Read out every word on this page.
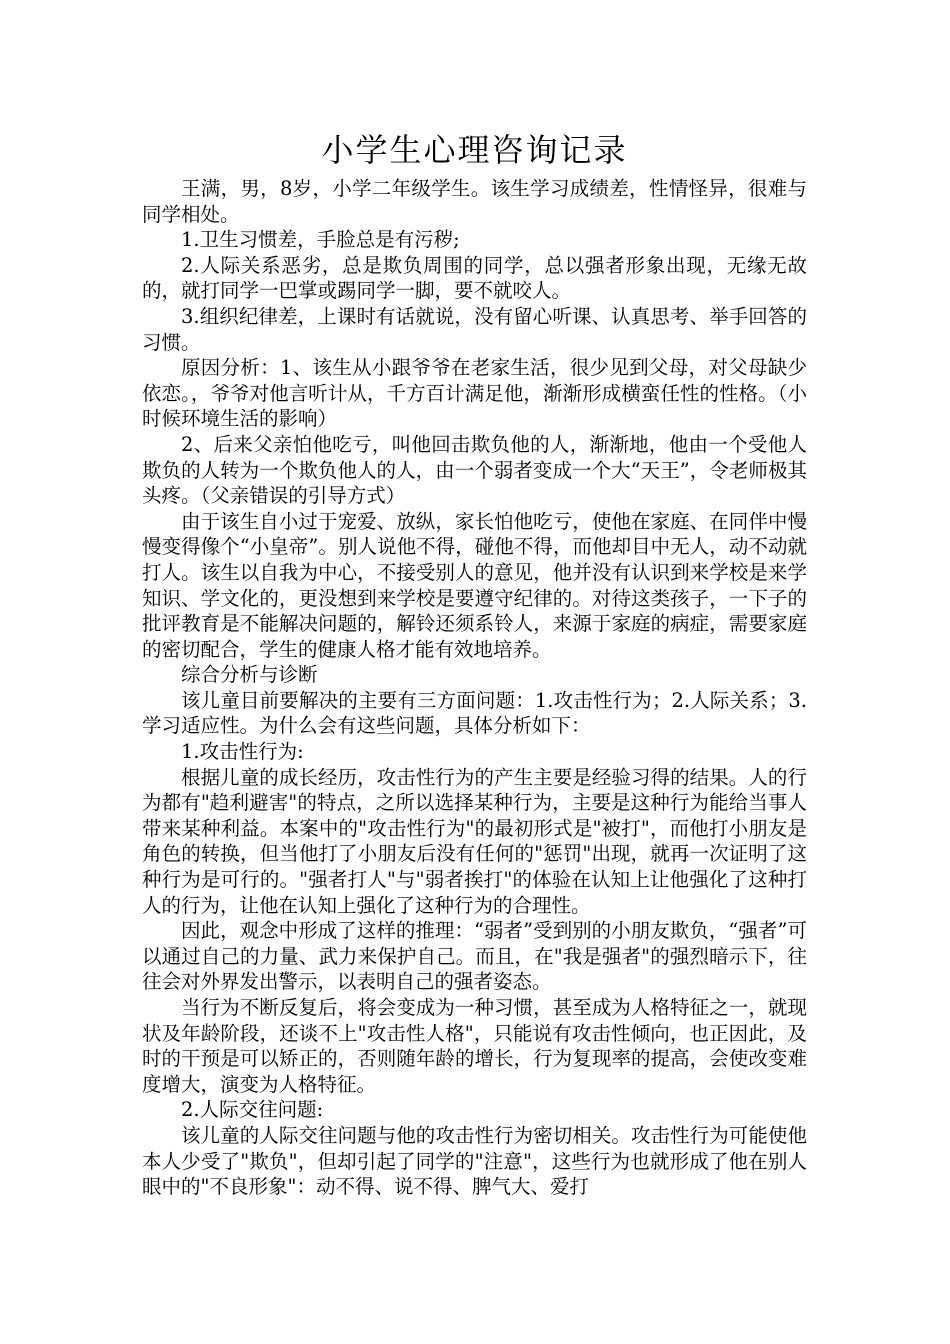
小学生心理咨询记录

王满，男，8岁，小学二年级学生。该生学习成绩差，性情怪异，很难与同学相处。

1.卫生习惯差，手脸总是有污秽;

2.人际关系恶劣，总是欺负周围的同学，总以强者形象出现，无缘无故的，就打同学一巴掌或踢同学一脚，要不就咬人。

3.组织纪律差，上课时有话就说，没有留心听课、认真思考、举手回答的习惯。

原因分析：1、该生从小跟爷爷在老家生活，很少见到父母，对父母缺少依恋。，爷爷对他言听计从，千方百计满足他，渐渐形成横蛮任性的性格。（小时候环境生活的影响）

2、后来父亲怕他吃亏，叫他回击欺负他的人，渐渐地，他由一个受他人欺负的人转为一个欺负他人的人，由一个弱者变成一个大“天王”，令老师极其头疼。（父亲错误的引导方式）

由于该生自小过于宠爱、放纵，家长怕他吃亏，使他在家庭、在同伴中慢慢变得像个“小皇帝”。别人说他不得，碰他不得，而他却目中无人，动不动就打人。该生以自我为中心，不接受别人的意见，他并没有认识到来学校是来学知识、学文化的，更没想到来学校是要遵守纪律的。对待这类孩子，一下子的批评教育是不能解决问题的，解铃还须系铃人，来源于家庭的病症，需要家庭的密切配合，学生的健康人格才能有效地培养。

综合分析与诊断

该儿童目前要解决的主要有三方面问题：1.攻击性行为；2.人际关系；3.学习适应性。为什么会有这些问题，具体分析如下：

1.攻击性行为:

根据儿童的成长经历，攻击性行为的产生主要是经验习得的结果。人的行为都有"趋利避害"的特点，之所以选择某种行为，主要是这种行为能给当事人带来某种利益。本案中的"攻击性行为"的最初形式是"被打"，而他打小朋友是角色的转换，但当他打了小朋友后没有任何的"惩罚"出现，就再一次证明了这种行为是可行的。"强者打人"与"弱者挨打"的体验在认知上让他强化了这种打人的行为，让他在认知上强化了这种行为的合理性。

因此，观念中形成了这样的推理：“弱者”受到别的小朋友欺负，“强者”可以通过自己的力量、武力来保护自己。而且，在"我是强者"的强烈暗示下，往往会对外界发出警示，以表明自己的强者姿态。

当行为不断反复后，将会变成为一种习惯，甚至成为人格特征之一，就现状及年龄阶段，还谈不上"攻击性人格"，只能说有攻击性倾向，也正因此，及时的干预是可以矫正的，否则随年龄的增长，行为复现率的提高，会使改变难度增大，演变为人格特征。

2.人际交往问题:

该儿童的人际交往问题与他的攻击性行为密切相关。攻击性行为可能使他本人少受了"欺负"，但却引起了同学的"注意"，这些行为也就形成了他在别人眼中的"不良形象"：动不得、说不得、脾气大、爱打
